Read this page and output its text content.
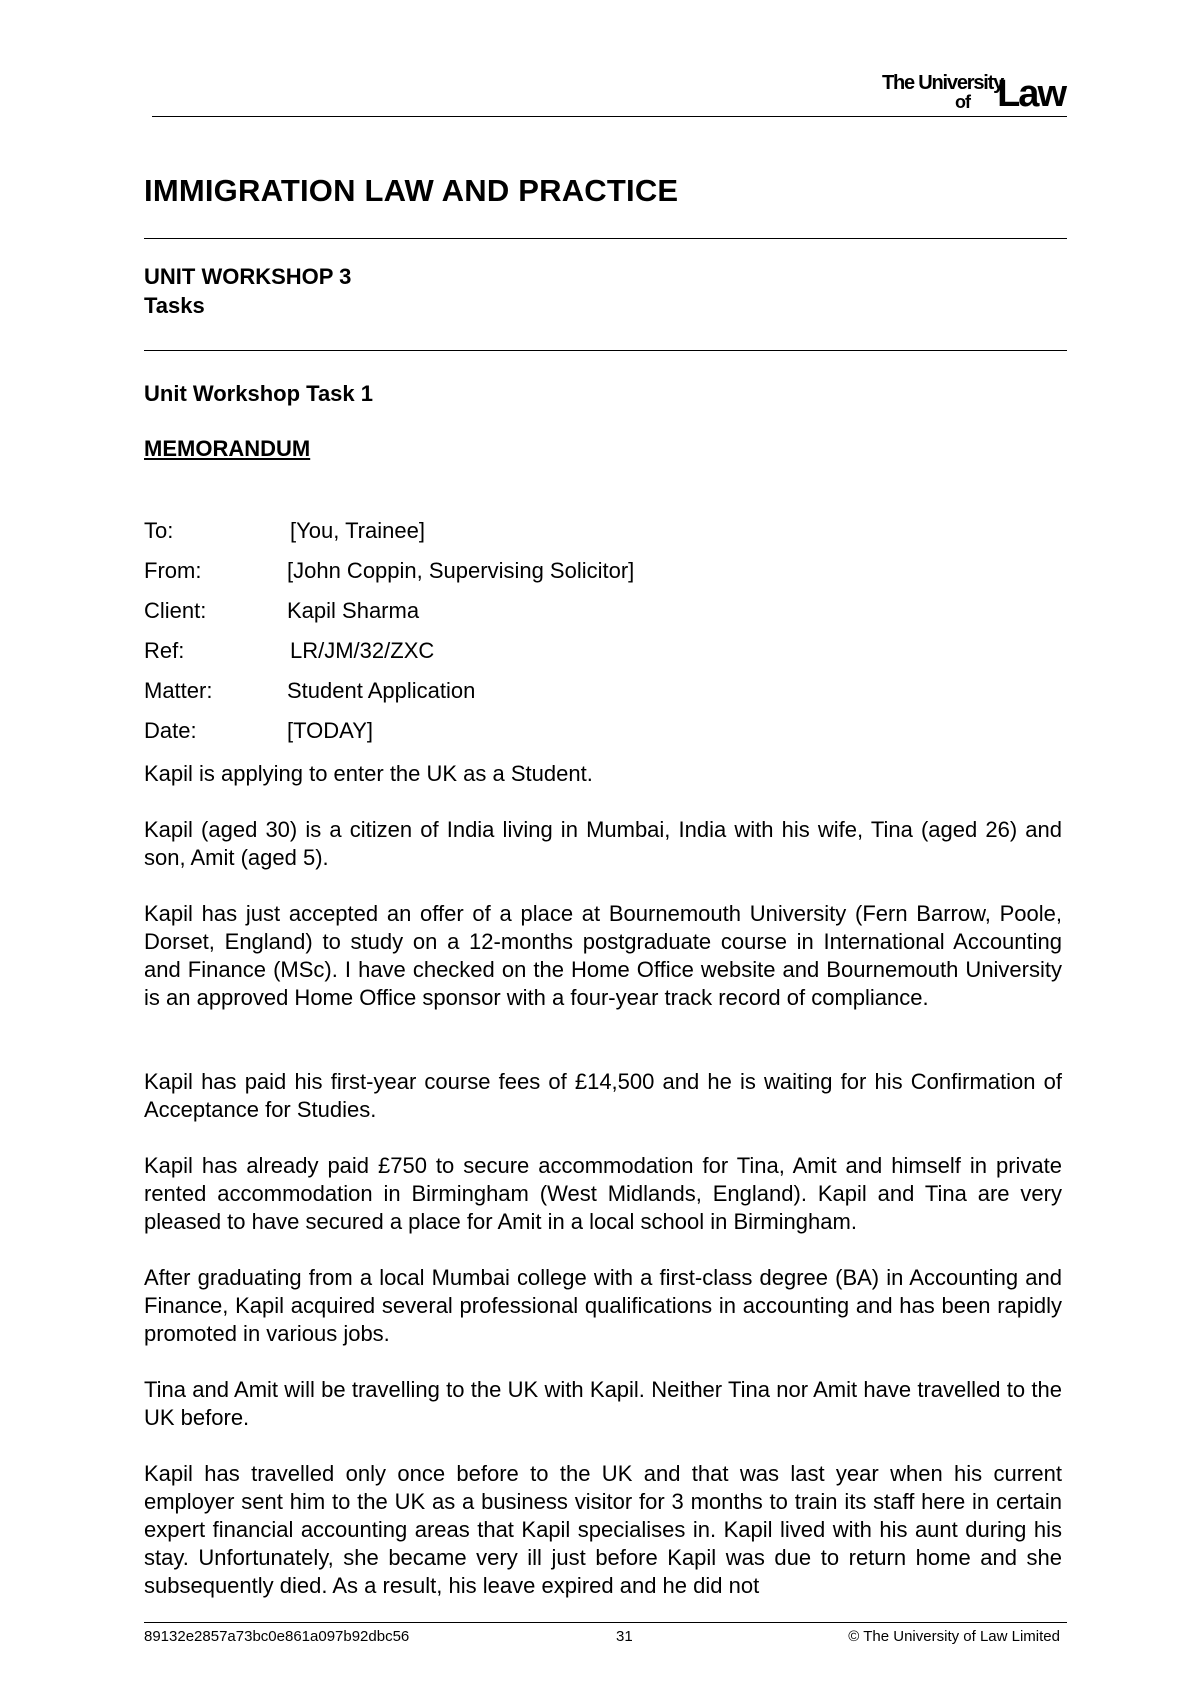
The University
of Law
IMMIGRATION LAW AND PRACTICE
UNIT WORKSHOP 3
Tasks
Unit Workshop Task 1
MEMORANDUM
To:	[You, Trainee]
From:	[John Coppin, Supervising Solicitor]
Client:	Kapil Sharma
Ref:	LR/JM/32/ZXC
Matter:	Student Application
Date:	[TODAY]

Kapil is applying to enter the UK as a Student.

Kapil (aged 30) is a citizen of India living in Mumbai, India with his wife, Tina (aged 26) and son, Amit (aged 5).

Kapil has just accepted an offer of a place at Bournemouth University (Fern Barrow, Poole, Dorset, England) to study on a 12-months postgraduate course in International Accounting and Finance (MSc). I have checked on the Home Office website and Bournemouth University is an approved Home Office sponsor with a four-year track record of compliance.

Kapil has paid his first-year course fees of £14,500 and he is waiting for his Confirmation of Acceptance for Studies.

Kapil has already paid £750 to secure accommodation for Tina, Amit and himself in private rented accommodation in Birmingham (West Midlands, England). Kapil and Tina are very pleased to have secured a place for Amit in a local school in Birmingham.

After graduating from a local Mumbai college with a first-class degree (BA) in Accounting and Finance, Kapil acquired several professional qualifications in accounting and has been rapidly promoted in various jobs.

Tina and Amit will be travelling to the UK with Kapil. Neither Tina nor Amit have travelled to the UK before.

Kapil has travelled only once before to the UK and that was last year when his current employer sent him to the UK as a business visitor for 3 months to train its staff here in certain expert financial accounting areas that Kapil specialises in. Kapil lived with his aunt during his stay. Unfortunately, she became very ill just before Kapil was due to return home and she subsequently died. As a result, his leave expired and he did not

89132e2857a73bc0e861a097b92dbc56	31	© The University of Law Limited
